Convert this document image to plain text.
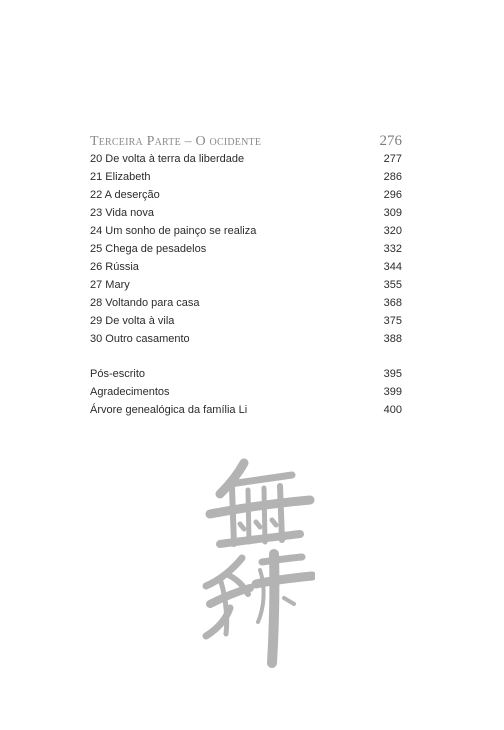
Terceira Parte – O ocidente	276
20 De volta à terra da liberdade	277
21 Elizabeth	286
22 A deserção	296
23 Vida nova	309
24 Um sonho de painço se realiza	320
25 Chega de pesadelos	332
26 Rússia	344
27 Mary	355
28 Voltando para casa	368
29 De volta à vila	375
30 Outro casamento	388
Pós-escrito	395
Agradecimentos	399
Árvore genealógica da família Li	400
